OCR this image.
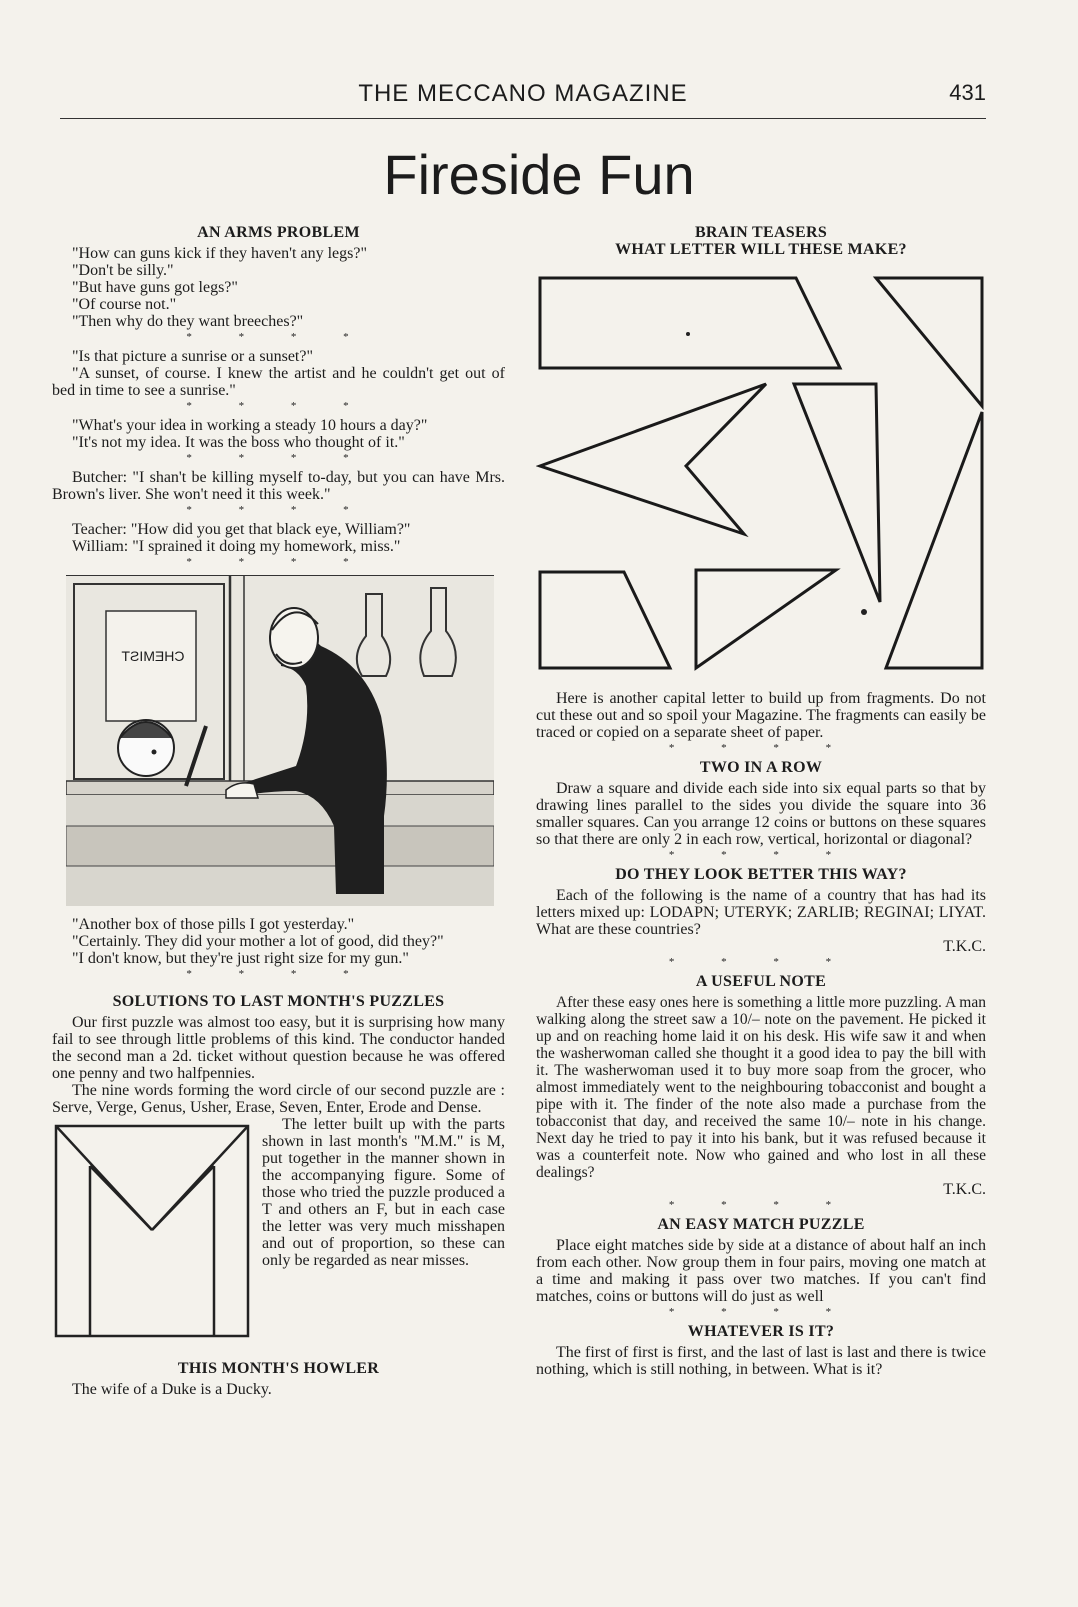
THE MECCANO MAGAZINE	431
Fireside Fun
AN ARMS PROBLEM

"How can guns kick if they haven't any legs?"

"Don't be silly."

"But have guns got legs?"

"Of course not."

"Then why do they want breeches?"

* * * *

"Is that picture a sunrise or a sunset?"

"A sunset, of course. I knew the artist and he couldn't get out of bed in time to see a sunrise."

* * * *

"What's your idea in working a steady 10 hours a day?"

"It's not my idea. It was the boss who thought of it."

* * * *

Butcher: "I shan't be killing myself to-day, but you can have Mrs. Brown's liver. She won't need it this week."

* * * *

Teacher: "How did you get that black eye, William?"

William: "I sprained it doing my homework, miss."

* * * *
CHEMIST

"Another box of those pills I got yesterday."

"Certainly. They did your mother a lot of good, did they?"

"I don't know, but they're just right size for my gun."

* * * *
SOLUTIONS TO LAST MONTH'S PUZZLES

Our first puzzle was almost too easy, but it is surprising how many fail to see through little problems of this kind. The conductor handed the second man a 2d. ticket without question because he was offered one penny and two halfpennies.

The nine words forming the word circle of our second puzzle are : Serve, Verge, Genus, Usher, Erase, Seven, Enter, Erode and Dense.

The letter built up with the parts shown in last month's "M.M." is M, put together in the manner shown in the accompanying figure. Some of those who tried the puzzle produced a T and others an F, but in each case the letter was very much misshapen and out of proportion, so these can only be regarded as near misses.

THIS MONTH'S HOWLER

The wife of a Duke is a Ducky.

BRAIN TEASERS
WHAT LETTER WILL THESE MAKE?

Here is another capital letter to build up from fragments. Do not cut these out and so spoil your Magazine. The fragments can easily be traced or copied on a separate sheet of paper.

* * * *
TWO IN A ROW

Draw a square and divide each side into six equal parts so that by drawing lines parallel to the sides you divide the square into 36 smaller squares. Can you arrange 12 coins or buttons on these squares so that there are only 2 in each row, vertical, horizontal or diagonal?

* * * *
DO THEY LOOK BETTER THIS WAY?

Each of the following is the name of a country that has had its letters mixed up: LODAPN; UTERYK; ZARLIB; REGINAI; LIYAT. What are these countries?

T.K.C.

* * * *
A USEFUL NOTE

After these easy ones here is something a little more puzzling. A man walking along the street saw a 10/– note on the pavement. He picked it up and on reaching home laid it on his desk. His wife saw it and when the washerwoman called she thought it a good idea to pay the bill with it. The washerwoman used it to buy more soap from the grocer, who almost immediately went to the neighbouring tobacconist and bought a pipe with it. The finder of the note also made a purchase from the tobacconist that day, and received the same 10/– note in his change. Next day he tried to pay it into his bank, but it was refused because it was a counterfeit note. Now who gained and who lost in all these dealings?

T.K.C.

* * * *
AN EASY MATCH PUZZLE

Place eight matches side by side at a distance of about half an inch from each other. Now group them in four pairs, moving one match at a time and making it pass over two matches. If you can't find matches, coins or buttons will do just as well

* * * *
WHATEVER IS IT?

The first of first is first, and the last of last is last and there is twice nothing, which is still nothing, in between. What is it?
